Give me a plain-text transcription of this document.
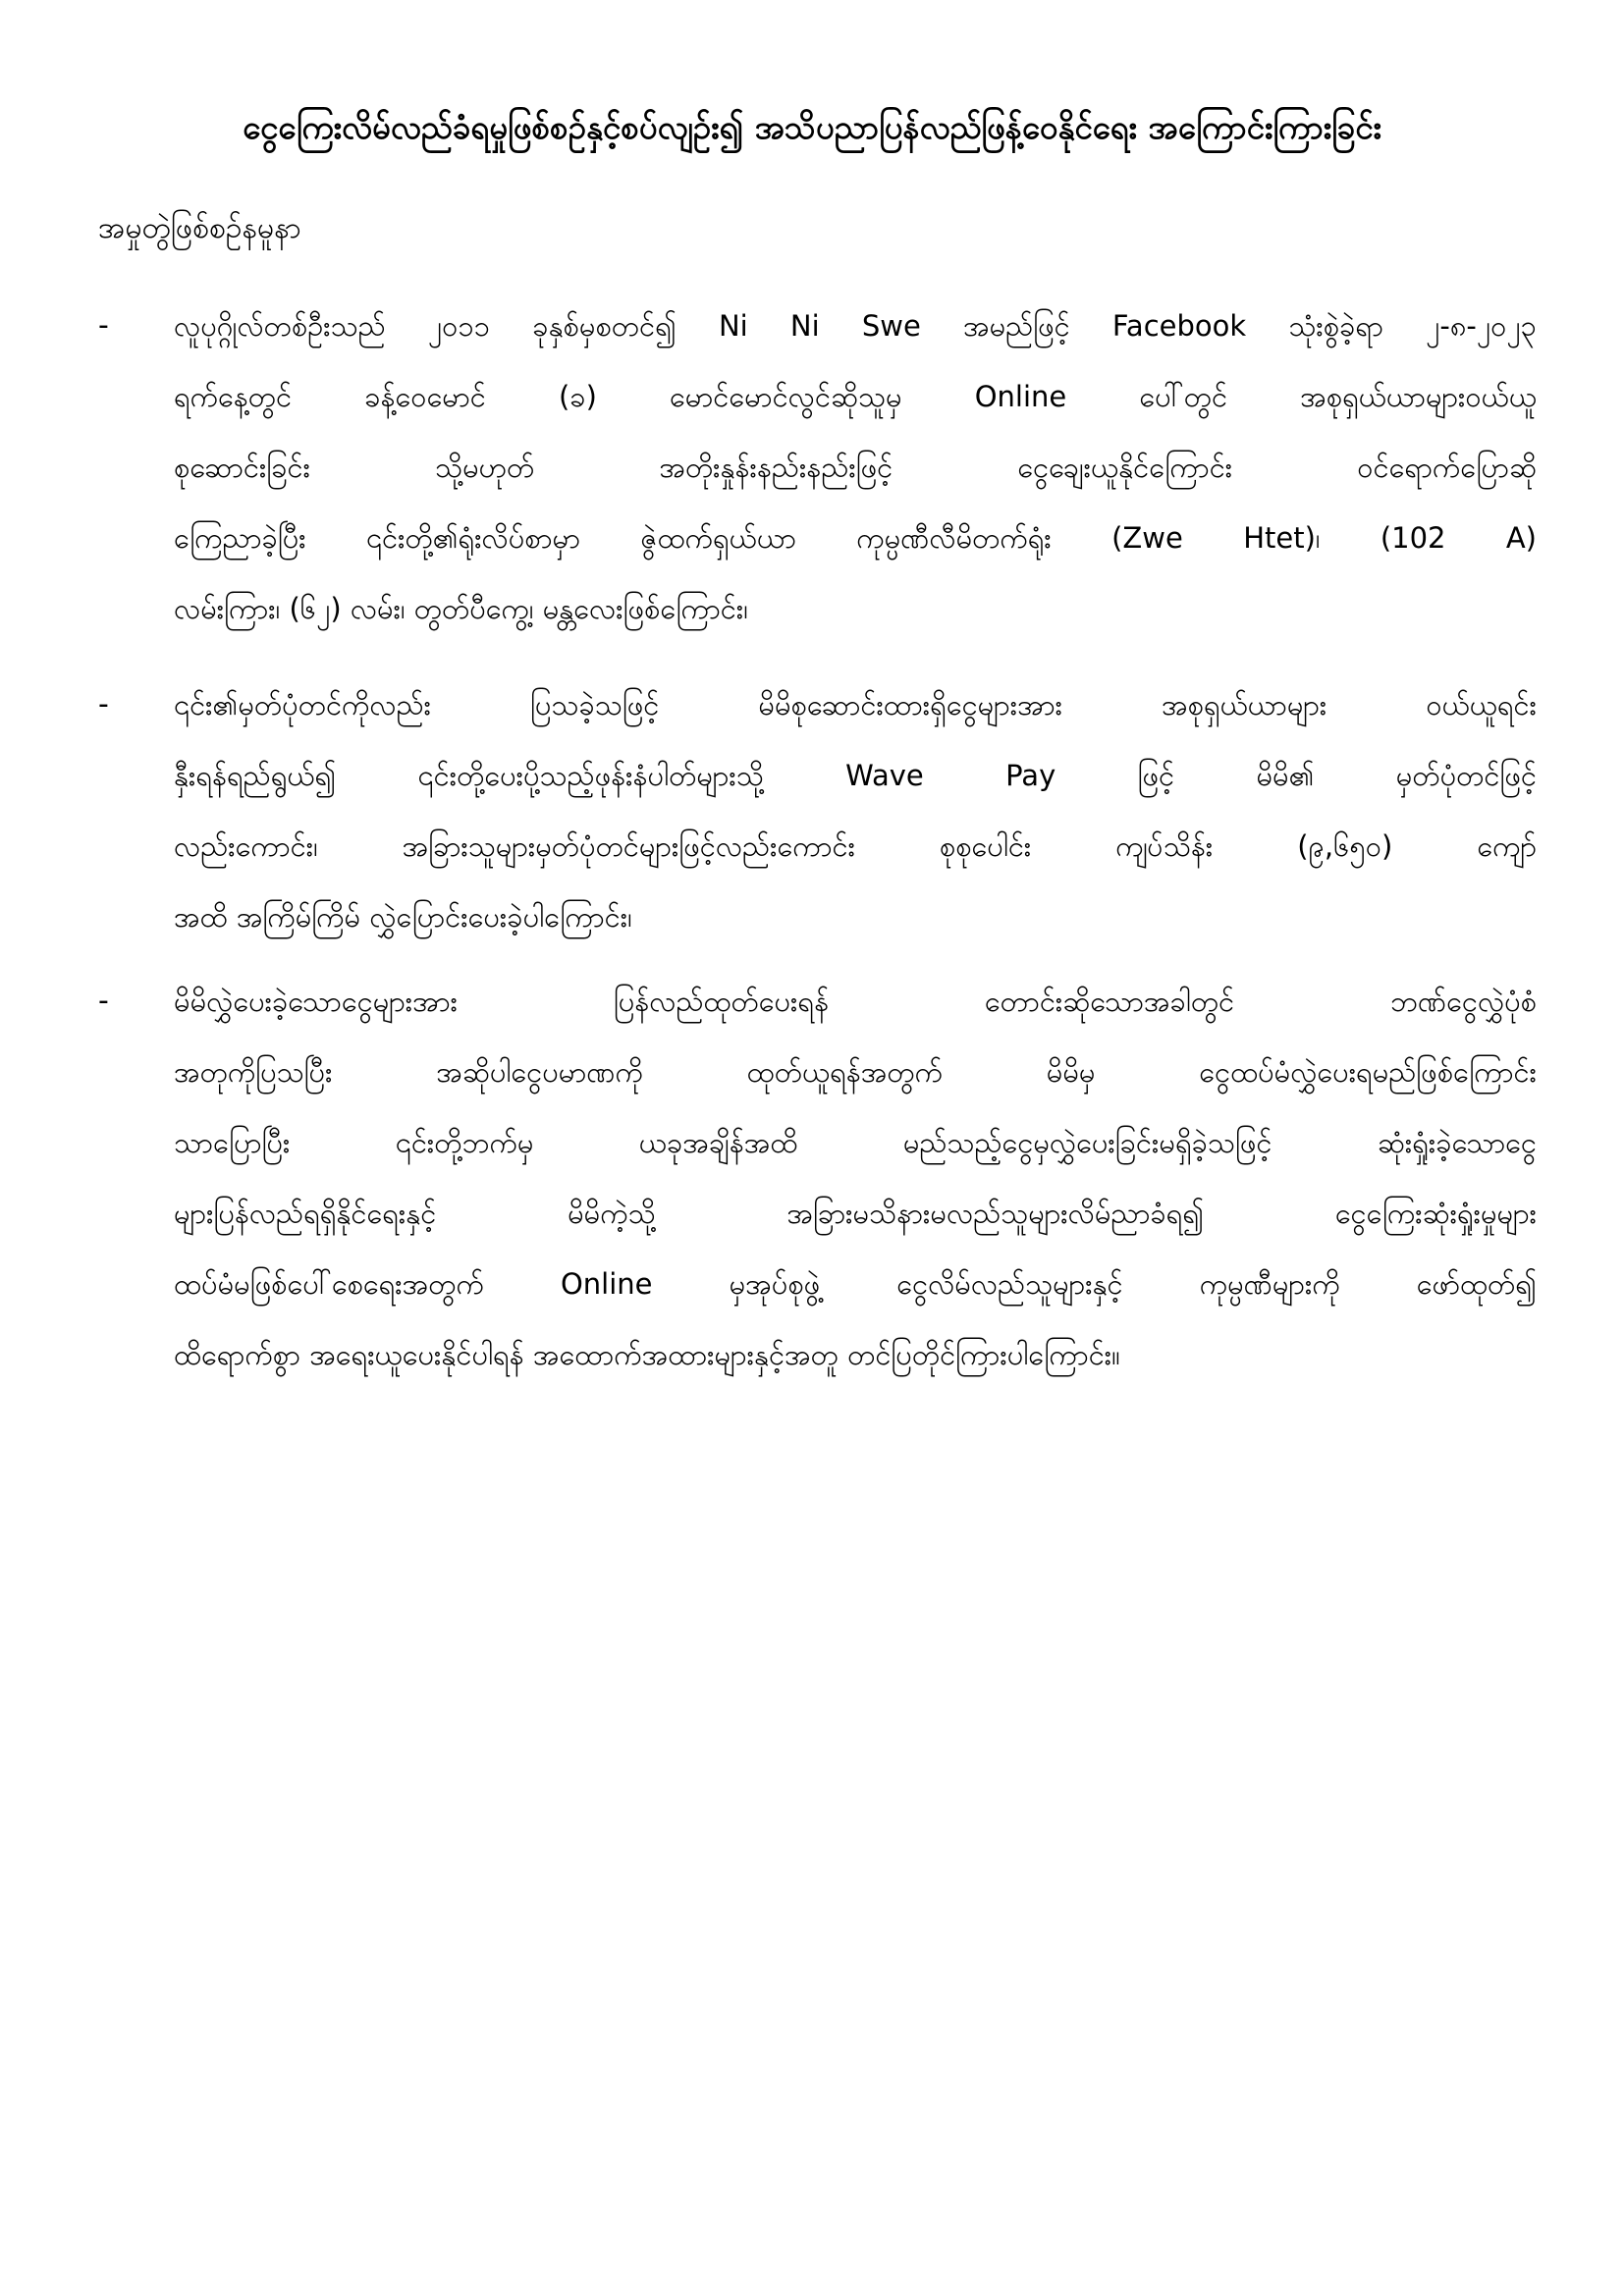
ငွေကြေးလိမ်လည်ခံရမှုဖြစ်စဉ်နှင့်စပ်လျဉ်း၍ အသိပညာပြန်လည်ဖြန့်ဝေနိုင်ရေး အကြောင်းကြားခြင်း
အမှုတွဲဖြစ်စဉ်နမူနာ
-	လူပုဂ္ဂိုလ်တစ်ဦးသည် ၂၀၁၁ ခုနှစ်မှစတင်၍ Ni Ni Swe အမည်ဖြင့် Facebook သုံးစွဲခဲ့ရာ ၂-၈-၂၀၂၃
ရက်နေ့တွင် ခန့်ဝေမောင် (ခ) မောင်မောင်လွင်ဆိုသူမှ Online ပေါ်တွင် အစုရှယ်ယာများဝယ်ယူ
စုဆောင်းခြင်း သို့မဟုတ် အတိုးနှုန်းနည်းနည်းဖြင့် ငွေချေးယူနိုင်ကြောင်း ဝင်ရောက်ပြောဆို
ကြေညာခဲ့ပြီး ၎င်းတို့၏ရုံးလိပ်စာမှာ ဇွဲထက်ရှယ်ယာ ကုမ္ပဏီလီမိတက်ရုံး (Zwe Htet)၊ (102 A)
လမ်းကြား၊ (၆၂) လမ်း၊ တွတ်ပီကွေ့၊ မန္တလေးဖြစ်ကြောင်း၊
-	၎င်း၏မှတ်ပုံတင်ကိုလည်း ပြသခဲ့သဖြင့် မိမိစုဆောင်းထားရှိငွေများအား အစုရှယ်ယာများ ဝယ်ယူရင်း
နှီးရန်ရည်ရွယ်၍ ၎င်းတို့ပေးပို့သည့်ဖုန်းနံပါတ်များသို့ Wave Pay ဖြင့် မိမိ၏ မှတ်ပုံတင်ဖြင့်
လည်းကောင်း၊ အခြားသူများမှတ်ပုံတင်များဖြင့်လည်းကောင်း စုစုပေါင်း ကျပ်သိန်း (၉,၆၅၀) ကျော်
အထိ အကြိမ်ကြိမ် လွှဲပြောင်းပေးခဲ့ပါကြောင်း၊
-	မိမိလွှဲပေးခဲ့သောငွေများအား ပြန်လည်ထုတ်ပေးရန် တောင်းဆိုသောအခါတွင် ဘဏ်ငွေလွှဲပုံစံ
အတုကိုပြသပြီး အဆိုပါငွေပမာဏကို ထုတ်ယူရန်အတွက် မိမိမှ ငွေထပ်မံလွှဲပေးရမည်ဖြစ်ကြောင်း
သာပြောပြီး ၎င်းတို့ဘက်မှ ယခုအချိန်အထိ မည်သည့်ငွေမှလွှဲပေးခြင်းမရှိခဲ့သဖြင့် ဆုံးရှုံးခဲ့သောငွေ
များပြန်လည်ရရှိနိုင်ရေးနှင့် မိမိကဲ့သို့ အခြားမသိနားမလည်သူများလိမ်ညာခံရ၍ ငွေကြေးဆုံးရှုံးမှုများ
ထပ်မံမဖြစ်ပေါ်စေရေးအတွက် Online မှအုပ်စုဖွဲ့ ငွေလိမ်လည်သူများနှင့် ကုမ္ပဏီများကို ဖော်ထုတ်၍
ထိရောက်စွာ အရေးယူပေးနိုင်ပါရန် အထောက်အထားများနှင့်အတူ တင်ပြတိုင်ကြားပါကြောင်း။
